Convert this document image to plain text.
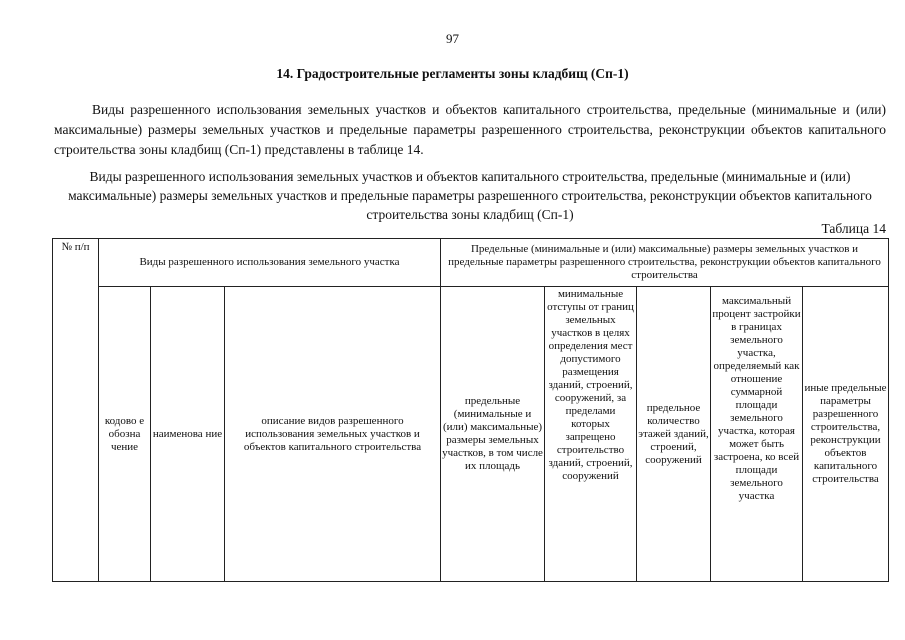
97
14. Градостроительные регламенты зоны кладбищ (Сп-1)
Виды разрешенного использования земельных участков и объектов капитального строительства, предельные (минимальные и (или) максимальные) размеры земельных участков и предельные параметры разрешенного строительства, реконструкции объектов капитального строительства зоны кладбищ (Сп-1) представлены в таблице 14.
Виды разрешенного использования земельных участков и объектов капитального строительства, предельные (минимальные и (или) максимальные) размеры земельных участков и предельные параметры разрешенного строительства, реконструкции объектов капитального строительства зоны кладбищ (Сп-1)
Таблица 14
№ п/п	Виды разрешенного использования земельного участка			Предельные (минимальные и (или) максимальные) размеры земельных участков и предельные параметры разрешенного строительства, реконструкции объектов капитального строительства				
	кодово е обозна чение	наименова ние	описание видов разрешенного использования земельных участков и объектов капитального строительства	предельные (минимальные и (или) максимальные) размеры земельных участков, в том числе их площадь	минимальные отступы от границ земельных участков в целях определения мест допустимого размещения зданий, строений, сооружений, за пределами которых запрещено строительство зданий, строений, сооружений	предельное количество этажей зданий, строений, сооружений	максимальный процент застройки в границах земельного участка, определяемый как отношение суммарной площади земельного участка, которая может быть застроена, ко всей площади земельного участка	иные предельные параметры разрешенного строительства, реконструкции объектов капитального строительства
